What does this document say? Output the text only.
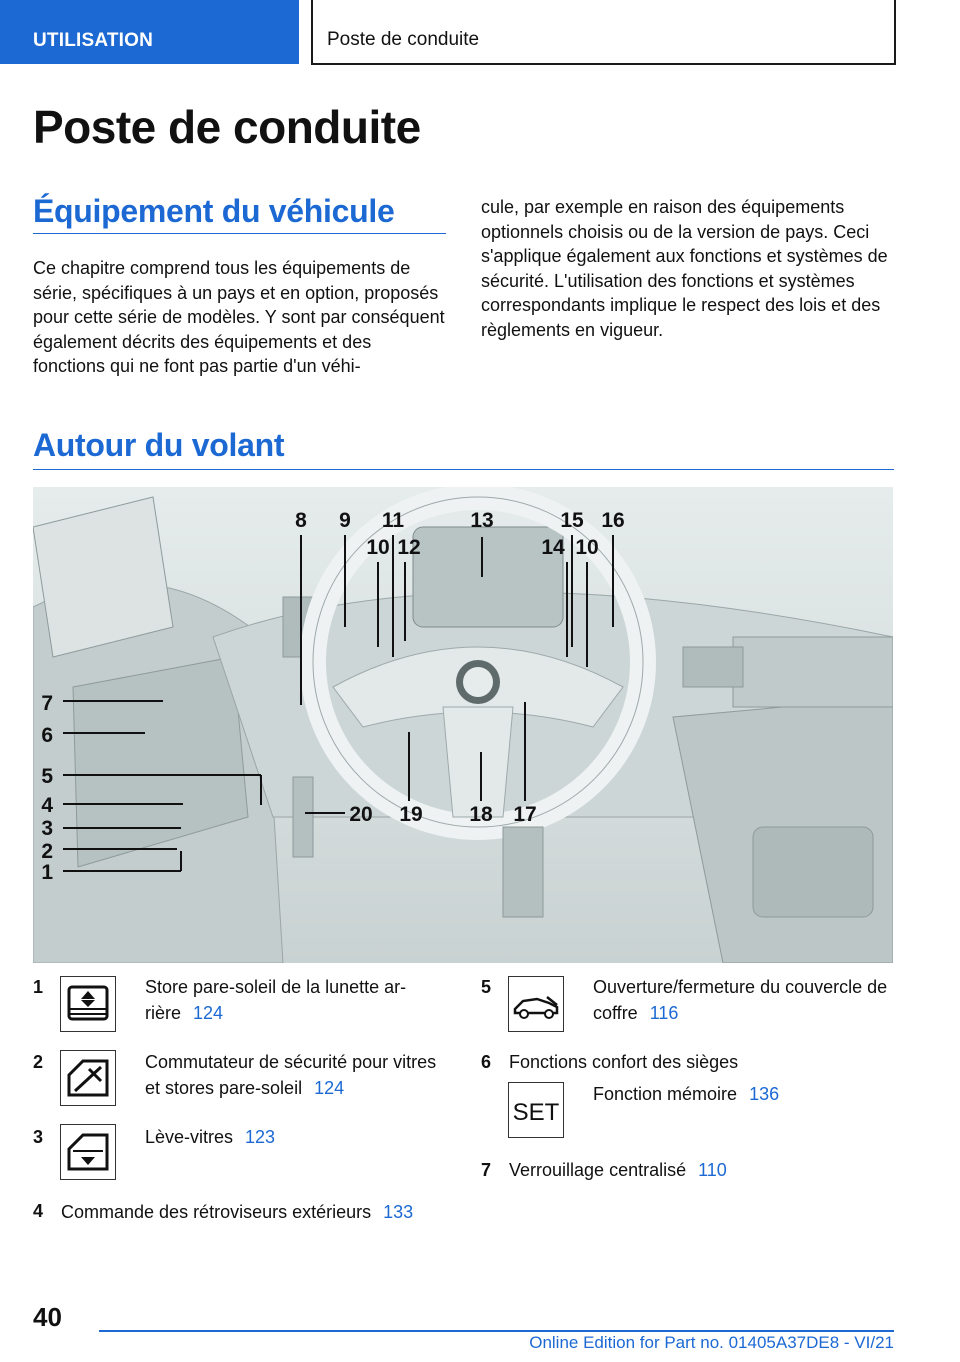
UTILISATION	Poste de conduite
Poste de conduite
Équipement du véhicule

Ce chapitre comprend tous les équipements de série, spécifiques à un pays et en option, proposés pour cette série de modèles. Y sont par conséquent également décrits des équipements et des fonctions qui ne font pas partie d'un véhi-

cule, par exemple en raison des équipements optionnels choisis ou de la version de pays. Ceci s'applique également aux fonctions et systèmes de sécurité. L'utilisation des fonctions et systèmes correspondants implique le respect des lois et des règlements en vigueur.

Autour du volant
7
6
5
4
3
2
1
8 9 11
10 12
13	15 16
14 10
17
18
19
20
1	Store pare-soleil de la lunette arrière 124
2	Commutateur de sécurité pour vitres et stores pare-soleil 124
3	Lève-vitres 123
4 Commande des rétroviseurs extérieurs 133
5	Ouverture/fermeture du couvercle de coffre 116
6 Fonctions confort des sièges
SET
Fonction mémoire 136
7 Verrouillage centralisé 110
40
Online Edition for Part no. 01405A37DE8 - VI/21
